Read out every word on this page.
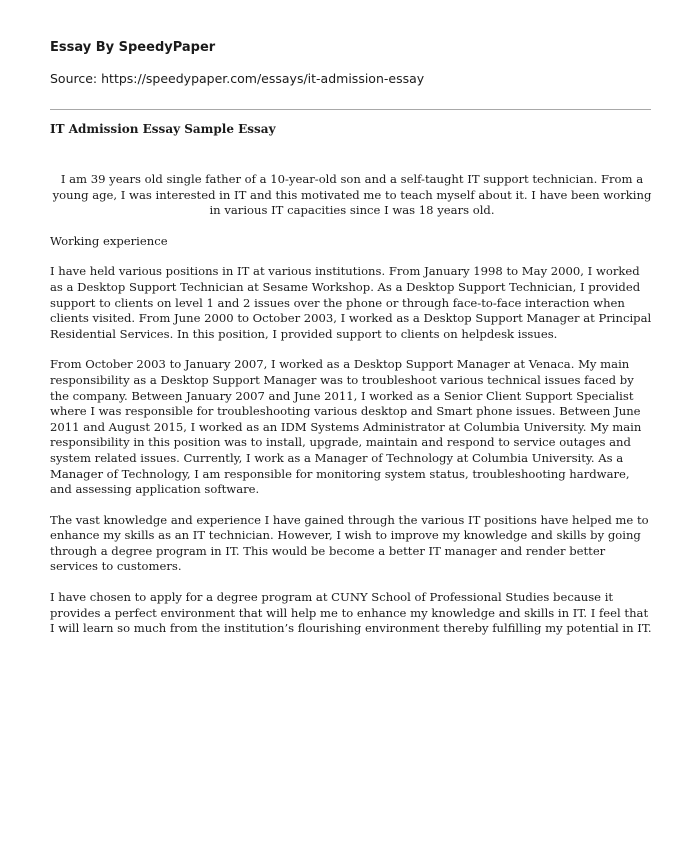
Essay By SpeedyPaper

Source: https://speedypaper.com/essays/it-admission-essay

IT Admission Essay Sample Essay

I am 39 years old single father of a 10-year-old son and a self-taught IT support technician. From a young age, I was interested in IT and this motivated me to teach myself about it. I have been working in various IT capacities since I was 18 years old.

Working experience

I have held various positions in IT at various institutions. From January 1998 to May 2000, I worked as a Desktop Support Technician at Sesame Workshop. As a Desktop Support Technician, I provided support to clients on level 1 and 2 issues over the phone or through face-to-face interaction when clients visited. From June 2000 to October 2003, I worked as a Desktop Support Manager at Principal Residential Services. In this position, I provided support to clients on helpdesk issues.

From October 2003 to January 2007, I worked as a Desktop Support Manager at Venaca. My main responsibility as a Desktop Support Manager was to troubleshoot various technical issues faced by the company. Between January 2007 and June 2011, I worked as a Senior Client Support Specialist where I was responsible for troubleshooting various desktop and Smart phone issues. Between June 2011 and August 2015, I worked as an IDM Systems Administrator at Columbia University. My main responsibility in this position was to install, upgrade, maintain and respond to service outages and system related issues. Currently, I work as a Manager of Technology at Columbia University. As a Manager of Technology, I am responsible for monitoring system status, troubleshooting hardware, and assessing application software.

The vast knowledge and experience I have gained through the various IT positions have helped me to enhance my skills as an IT technician. However, I wish to improve my knowledge and skills by going through a degree program in IT. This would be become a better IT manager and render better services to customers.

I have chosen to apply for a degree program at CUNY School of Professional Studies because it provides a perfect environment that will help me to enhance my knowledge and skills in IT. I feel that I will learn so much from the institution’s flourishing environment thereby fulfilling my potential in IT.
